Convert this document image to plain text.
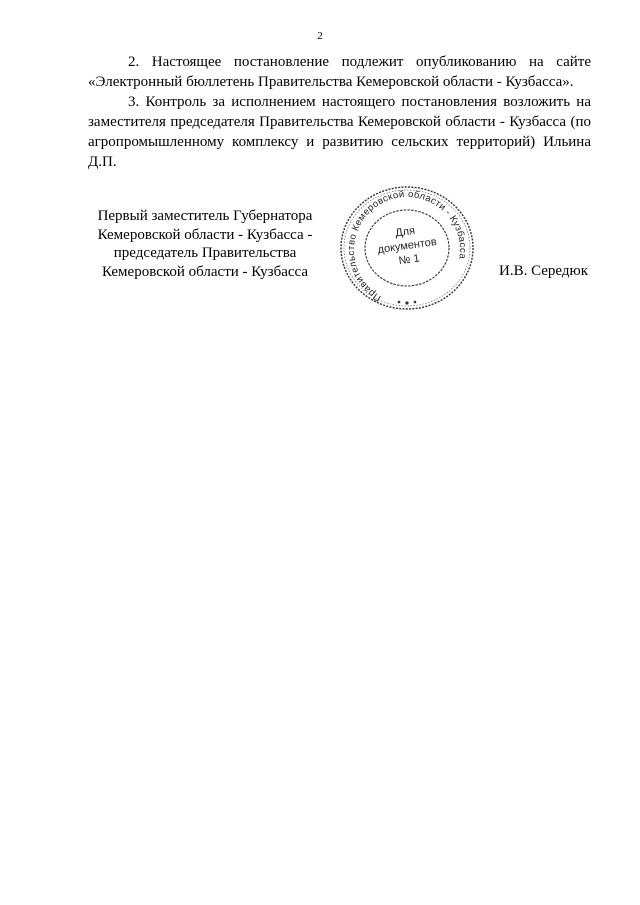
2

2. Настоящее постановление подлежит опубликованию на сайте «Электронный бюллетень Правительства Кемеровской области - Кузбасса».

3. Контроль за исполнением настоящего постановления возложить на заместителя председателя Правительства Кемеровской области - Кузбасса (по агропромышленному комплексу и развитию сельских территорий) Ильина Д.П.

Первый заместитель Губернатора
Кемеровской области - Кузбасса -
председатель Правительства
Кемеровской области - Кузбасса
Правительство Кемеровской области - Кузбасса
Для
документов
№ 1
И.В. Середюк
